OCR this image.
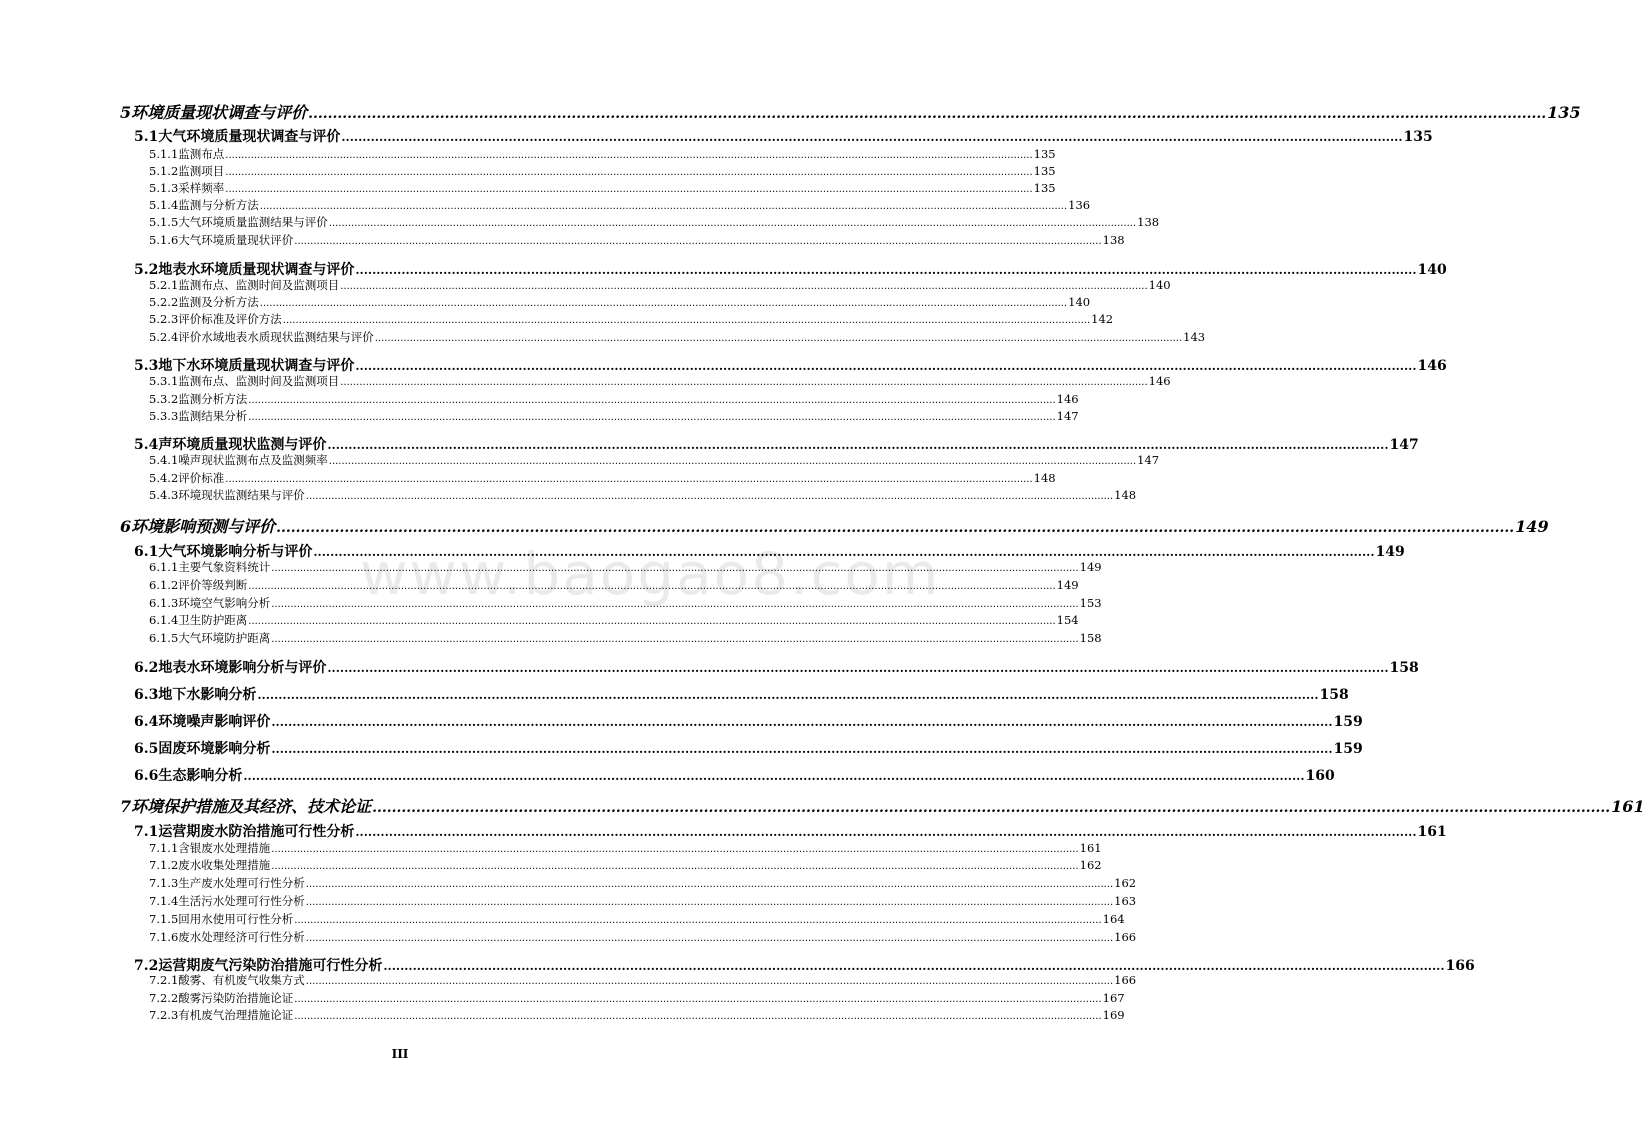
www.baogao8.com
5 环境质量现状调查与评价 .....	135
5.1 大气环境质量现状调查与评价 .....	135
5.1.1 监测布点 .....	135
5.1.2 监测项目 .....	135
5.1.3 采样频率 .....	135
5.1.4 监测与分析方法 .....	136
5.1.5 大气环境质量监测结果与评价 .....	138
5.1.6 大气环境质量现状评价 .....	138
5.2 地表水环境质量现状调查与评价 .....	140
5.2.1 监测布点、监测时间及监测项目 .....	140
5.2.2 监测及分析方法 .....	140
5.2.3 评价标准及评价方法 .....	142
5.2.4 评价水域地表水质现状监测结果与评价 .....	143
5.3 地下水环境质量现状调查与评价 .....	146
5.3.1 监测布点、监测时间及监测项目 .....	146
5.3.2 监测分析方法 .....	146
5.3.3 监测结果分析 .....	147
5.4 声环境质量现状监测与评价 .....	147
5.4.1 噪声现状监测布点及监测频率 .....	147
5.4.2 评价标准 .....	148
5.4.3 环境现状监测结果与评价 .....	148
6 环境影响预测与评价 .....	149
6.1 大气环境影响分析与评价 .....	149
6.1.1 主要气象资料统计 .....	149
6.1.2 评价等级判断 .....	149
6.1.3 环境空气影响分析 .....	153
6.1.4 卫生防护距离 .....	154
6.1.5 大气环境防护距离 .....	158
6.2 地表水环境影响分析与评价 .....	158
6.3 地下水影响分析 .....	158
6.4 环境噪声影响评价 .....	159
6.5 固废环境影响分析 .....	159
6.6 生态影响分析 .....	160
7 环境保护措施及其经济、技术论证 .....	161
7.1 运营期废水防治措施可行性分析 .....	161
7.1.1 含银废水处理措施 .....	161
7.1.2 废水收集处理措施 .....	162
7.1.3 生产废水处理可行性分析 .....	162
7.1.4 生活污水处理可行性分析 .....	163
7.1.5 回用水使用可行性分析 .....	164
7.1.6 废水处理经济可行性分析 .....	166
7.2 运营期废气污染防治措施可行性分析 .....	166
7.2.1 酸雾、有机废气收集方式 .....	166
7.2.2 酸雾污染防治措施论证 .....	167
7.2.3 有机废气治理措施论证 .....	169
III
